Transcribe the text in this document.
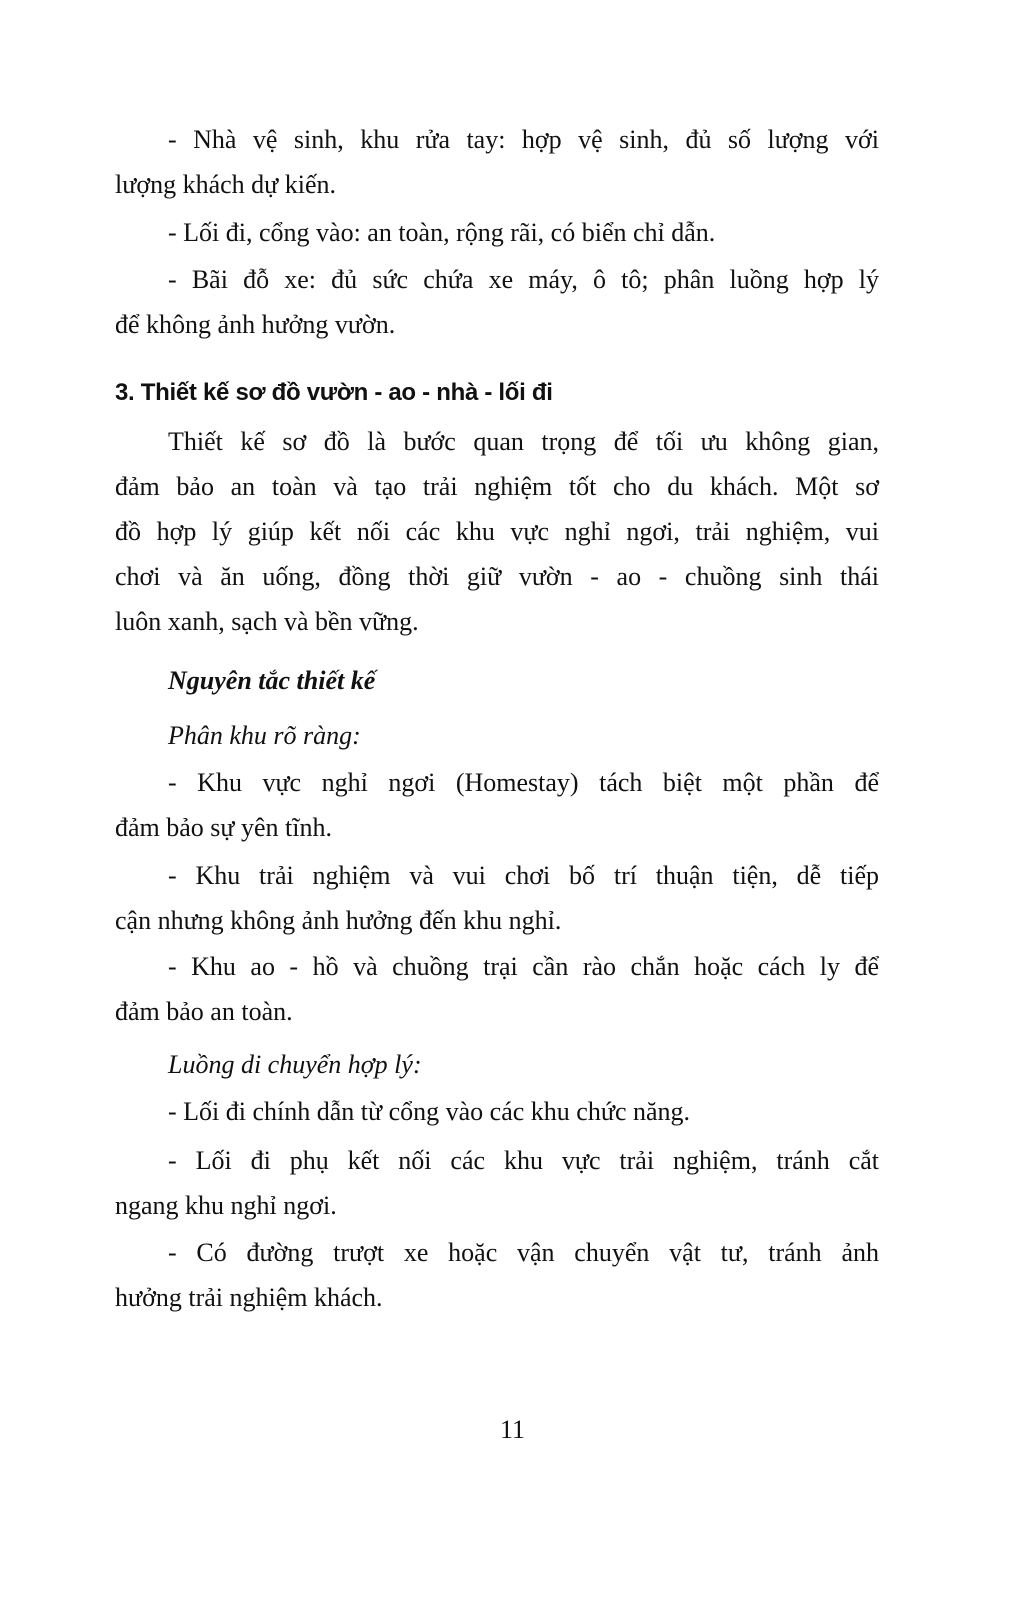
- Nhà vệ sinh, khu rửa tay: hợp vệ sinh, đủ số lượng với
lượng khách dự kiến.
- Lối đi, cổng vào: an toàn, rộng rãi, có biển chỉ dẫn.
- Bãi đỗ xe: đủ sức chứa xe máy, ô tô; phân luồng hợp lý
để không ảnh hưởng vườn.
3. Thiết kế sơ đồ vườn - ao - nhà - lối đi
Thiết kế sơ đồ là bước quan trọng để tối ưu không gian,
đảm bảo an toàn và tạo trải nghiệm tốt cho du khách. Một sơ
đồ hợp lý giúp kết nối các khu vực nghỉ ngơi, trải nghiệm, vui
chơi và ăn uống, đồng thời giữ vườn - ao - chuồng sinh thái
luôn xanh, sạch và bền vững.
Nguyên tắc thiết kế
Phân khu rõ ràng:
- Khu vực nghỉ ngơi (Homestay) tách biệt một phần để
đảm bảo sự yên tĩnh.
- Khu trải nghiệm và vui chơi bố trí thuận tiện, dễ tiếp
cận nhưng không ảnh hưởng đến khu nghỉ.
- Khu ao - hồ và chuồng trại cần rào chắn hoặc cách ly để
đảm bảo an toàn.
Luồng di chuyển hợp lý:
- Lối đi chính dẫn từ cổng vào các khu chức năng.
- Lối đi phụ kết nối các khu vực trải nghiệm, tránh cắt
ngang khu nghỉ ngơi.
- Có đường trượt xe hoặc vận chuyển vật tư, tránh ảnh
hưởng trải nghiệm khách.
11
